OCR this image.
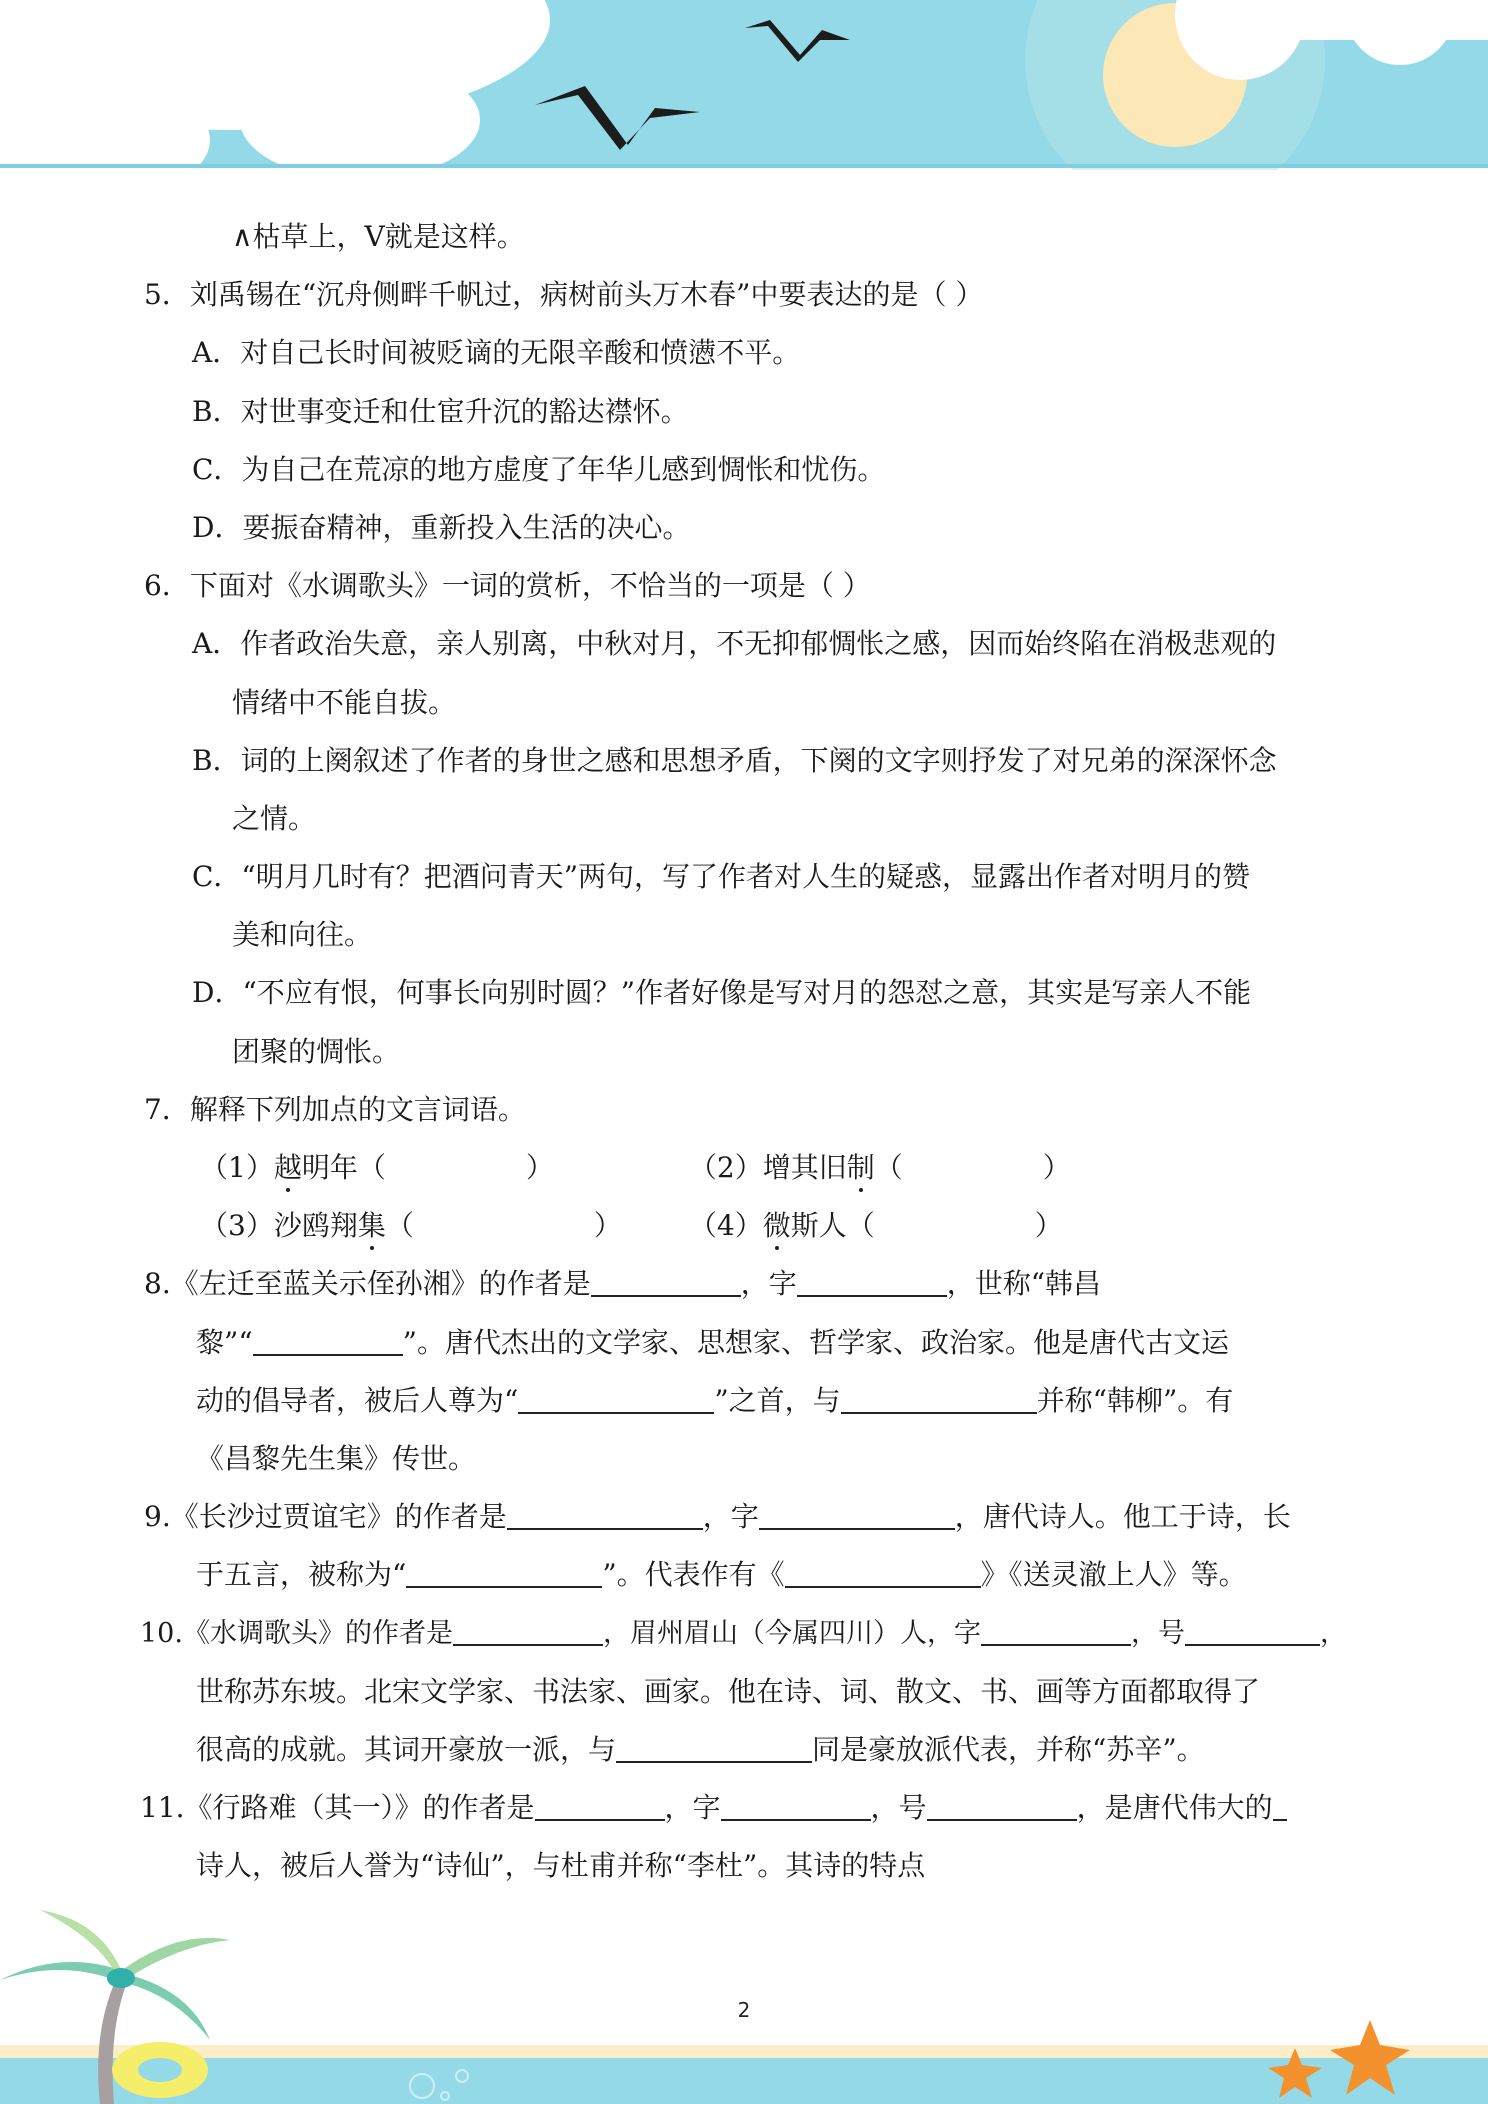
∧枯草上，V就是这样。
5．刘禹锡在“沉舟侧畔千帆过，病树前头万木春”中要表达的是（ ）
A．对自己长时间被贬谪的无限辛酸和愤懑不平。
B．对世事变迁和仕宦升沉的豁达襟怀。
C．为自己在荒凉的地方虚度了年华儿感到惆怅和忧伤。
D．要振奋精神，重新投入生活的决心。
6．下面对《水调歌头》一词的赏析，不恰当的一项是（ ）
A．作者政治失意，亲人别离，中秋对月，不无抑郁惆怅之感，因而始终陷在消极悲观的
情绪中不能自拔。
B．词的上阕叙述了作者的身世之感和思想矛盾，下阕的文字则抒发了对兄弟的深深怀念
之情。
C．“明月几时有？把酒问青天”两句，写了作者对人生的疑惑，显露出作者对明月的赞
美和向往。
D．“不应有恨，何事长向别时圆？”作者好像是写对月的怨怼之意，其实是写亲人不能
团聚的惆怅。
7．解释下列加点的文言词语。
（1）越明年（	）	（2）增其旧制（	）
（3）沙鸥翔集（	） （4）微斯人（	）
8.《左迁至蓝关示侄孙湘》的作者是	，字	，世称“韩昌
黎”“	”。唐代杰出的文学家、思想家、哲学家、政治家。他是唐代古文运
动的倡导者，被后人尊为“	”之首，与	并称“韩柳”。有
《昌黎先生集》传世。
9.《长沙过贾谊宅》的作者是	，字	，唐代诗人。他工于诗，长
于五言，被称为“	”。代表作有《	》《送灵澈上人》等。
10.《水调歌头》的作者是	，眉州眉山（今属四川）人，字	，号	，
世称苏东坡。北宋文学家、书法家、画家。他在诗、词、散文、书、画等方面都取得了
很高的成就。其词开豪放一派，与	同是豪放派代表，并称“苏辛”。
11.《行路难（其一）》的作者是	，字	，号	，是唐代伟大的
诗人，被后人誉为“诗仙”，与杜甫并称“李杜”。其诗的特点
2
